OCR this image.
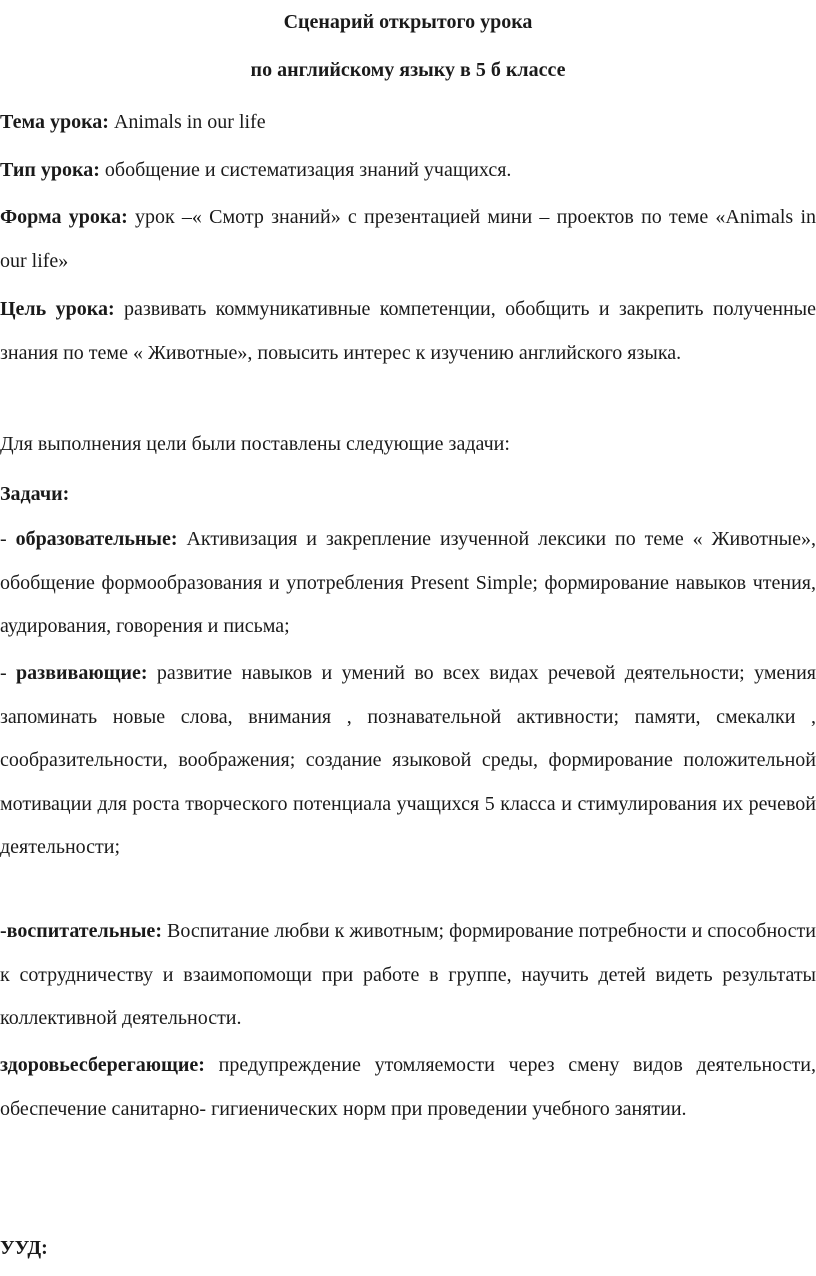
Сценарий открытого урока

по английскому языку в 5 б классе

Тема урока: Animals in our life

Тип урока: обобщение и систематизация знаний учащихся.

Форма урока: урок –« Смотр знаний» с презентацией мини – проектов по теме «Animals in our life»

Цель урока: развивать коммуникативные компетенции, обобщить и закрепить полученные знания по теме « Животные», повысить интерес к изучению английского языка.

Для выполнения цели были поставлены следующие задачи:

Задачи:

- образовательные: Активизация и закрепление изученной лексики по теме « Животные», обобщение формообразования и употребления Present Simple; формирование навыков чтения, аудирования, говорения и письма;

- развивающие: развитие навыков и умений во всех видах речевой деятельности; умения запоминать новые слова, внимания , познавательной активности; памяти, смекалки , сообразительности, воображения; создание языковой среды, формирование положительной мотивации для роста творческого потенциала учащихся 5 класса и стимулирования их речевой деятельности;

-воспитательные: Воспитание любви к животным; формирование потребности и способности к сотрудничеству и взаимопомощи при работе в группе, научить детей видеть результаты коллективной деятельности.

здоровьесберегающие: предупреждение утомляемости через смену видов деятельности, обеспечение санитарно- гигиенических норм при проведении учебного занятии.

УУД:
